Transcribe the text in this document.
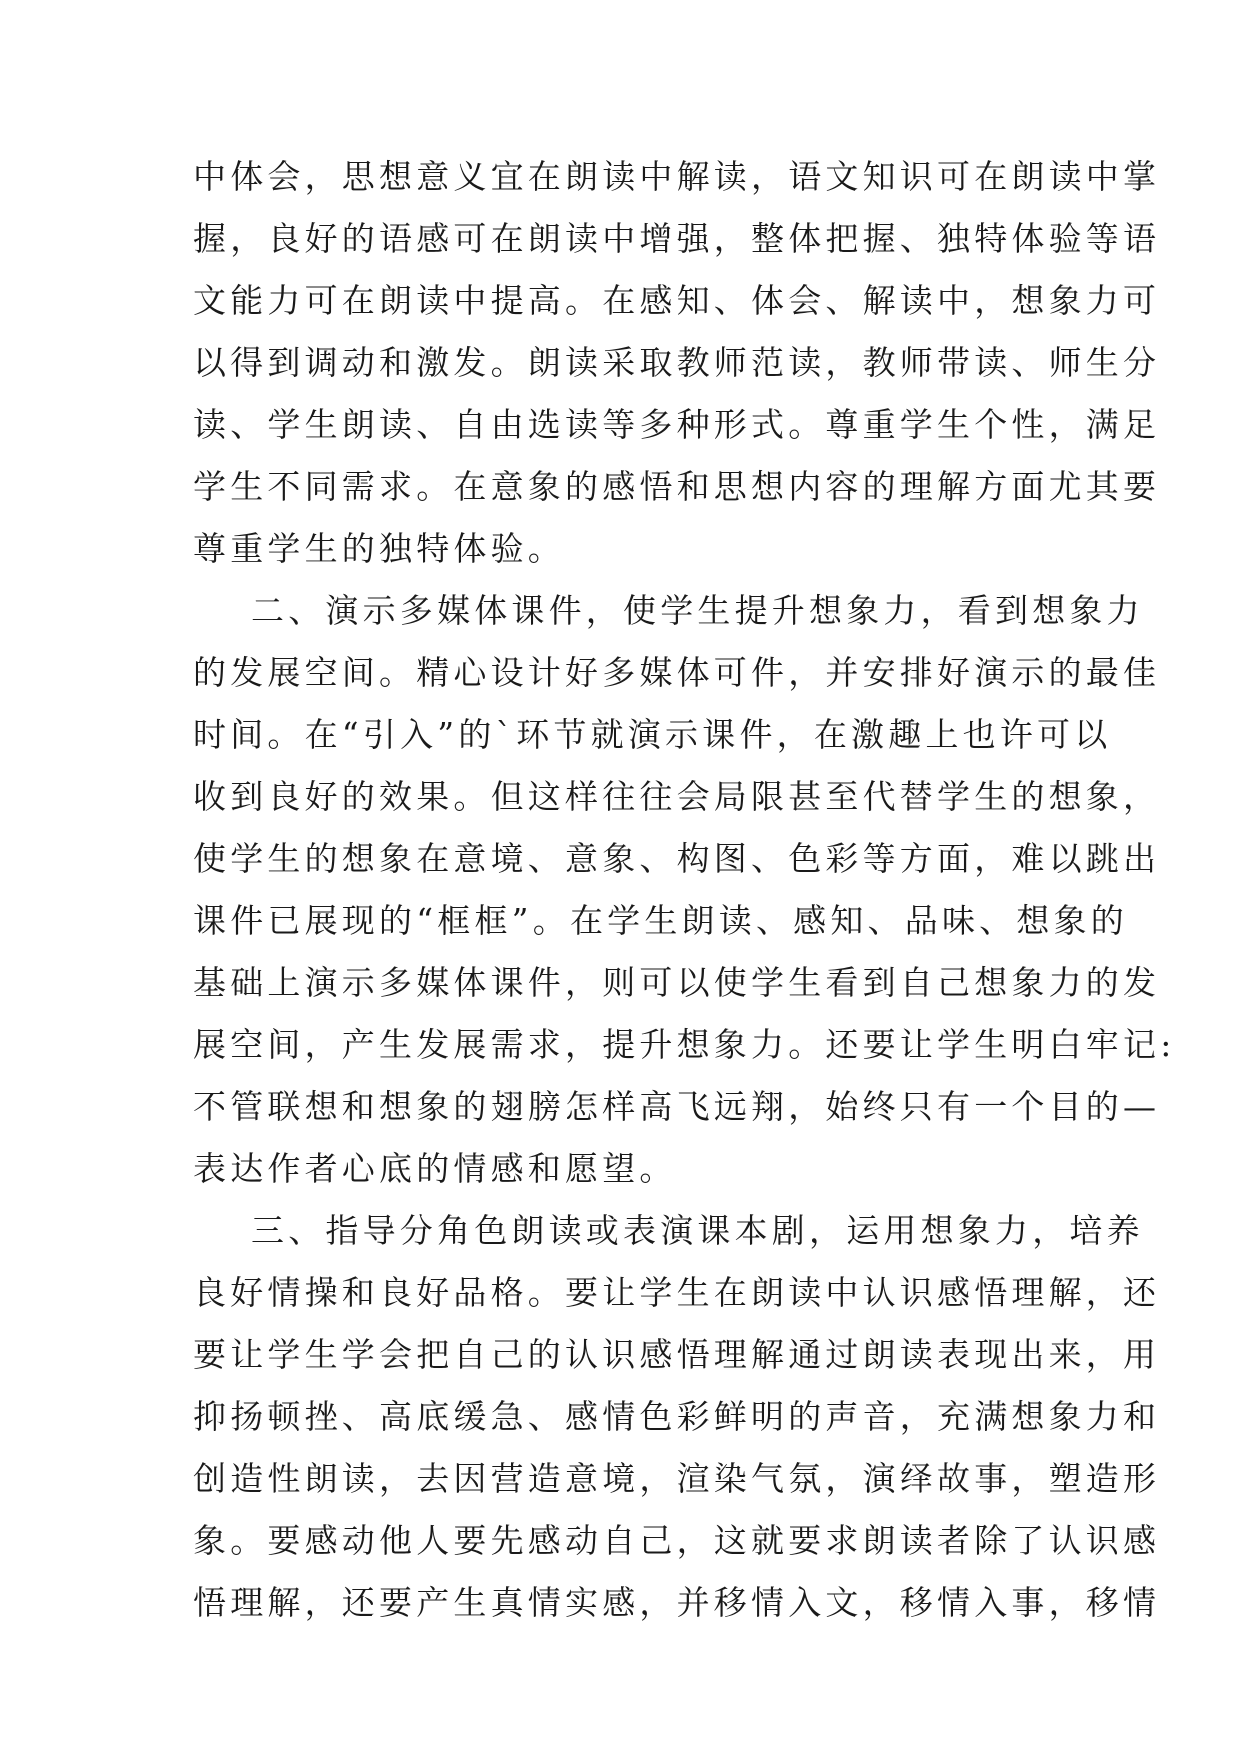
中体会，思想意义宜在朗读中解读，语文知识可在朗读中掌
握，良好的语感可在朗读中增强，整体把握、独特体验等语
文能力可在朗读中提高。在感知、体会、解读中，想象力可
以得到调动和激发。朗读采取教师范读，教师带读、师生分
读、学生朗读、自由选读等多种形式。尊重学生个性，满足
学生不同需求。在意象的感悟和思想内容的理解方面尤其要
尊重学生的独特体验。
二、演示多媒体课件，使学生提升想象力，看到想象力
的发展空间。精心设计好多媒体可件，并安排好演示的最佳
时间。在“引入”的`环节就演示课件，在激趣上也许可以
收到良好的效果。但这样往往会局限甚至代替学生的想象，
使学生的想象在意境、意象、构图、色彩等方面，难以跳出
课件已展现的“框框”。在学生朗读、感知、品味、想象的
基础上演示多媒体课件，则可以使学生看到自己想象力的发
展空间，产生发展需求，提升想象力。还要让学生明白牢记:
不管联想和想象的翅膀怎样高飞远翔，始终只有一个目的—
表达作者心底的情感和愿望。
三、指导分角色朗读或表演课本剧，运用想象力，培养
良好情操和良好品格。要让学生在朗读中认识感悟理解，还
要让学生学会把自己的认识感悟理解通过朗读表现出来，用
抑扬顿挫、高底缓急、感情色彩鲜明的声音，充满想象力和
创造性朗读，去因营造意境，渲染气氛，演绎故事，塑造形
象。要感动他人要先感动自己，这就要求朗读者除了认识感
悟理解，还要产生真情实感，并移情入文，移情入事，移情
